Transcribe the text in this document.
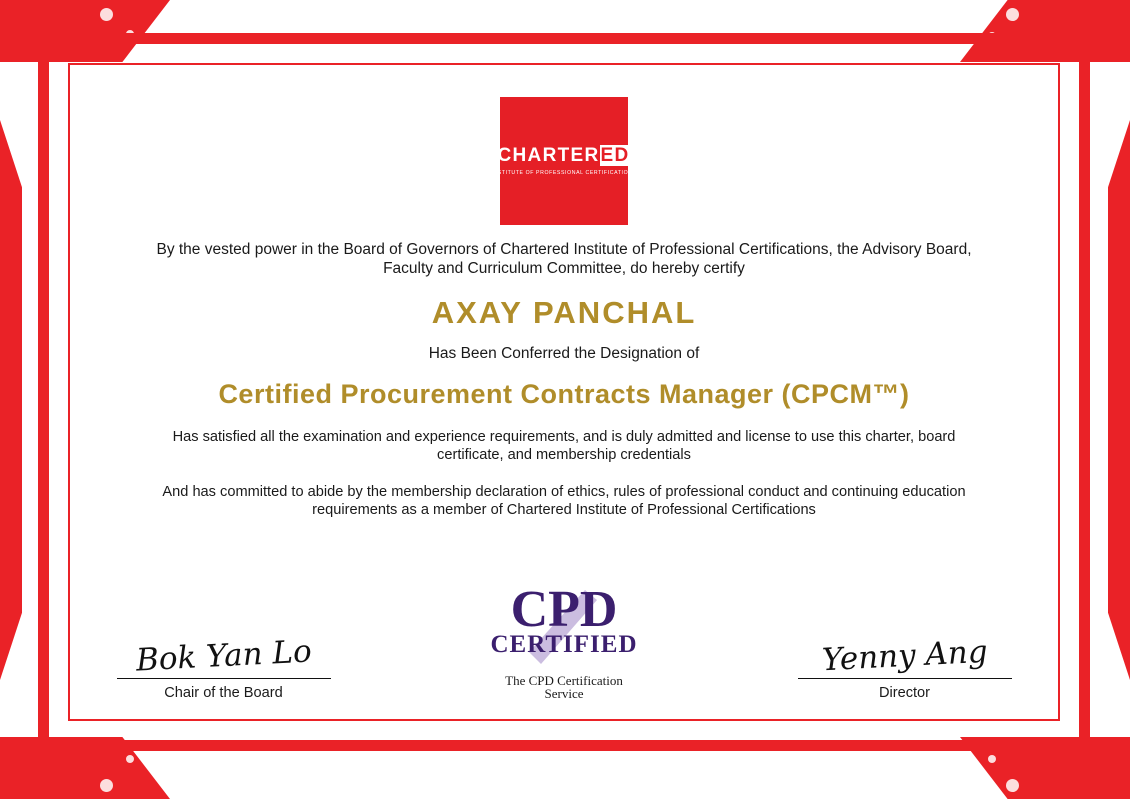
CHARTERED
INSTITUTE OF PROFESSIONAL CERTIFICATIONS
By the vested power in the Board of Governors of Chartered Institute of Professional Certifications, the Advisory Board, Faculty and Curriculum Committee, do hereby certify
AXAY PANCHAL
Has Been Conferred the Designation of
Certified Procurement Contracts Manager (CPCM™)
Has satisfied all the examination and experience requirements, and is duly admitted and license to use this charter, board certificate, and membership credentials
And has committed to abide by the membership declaration of ethics, rules of professional conduct and continuing education requirements as a member of Chartered Institute of Professional Certifications
Bok Yan Lo
Chair of the Board
CPD
CERTIFIED
The CPD Certification
Service
Yenny Ang
Director
